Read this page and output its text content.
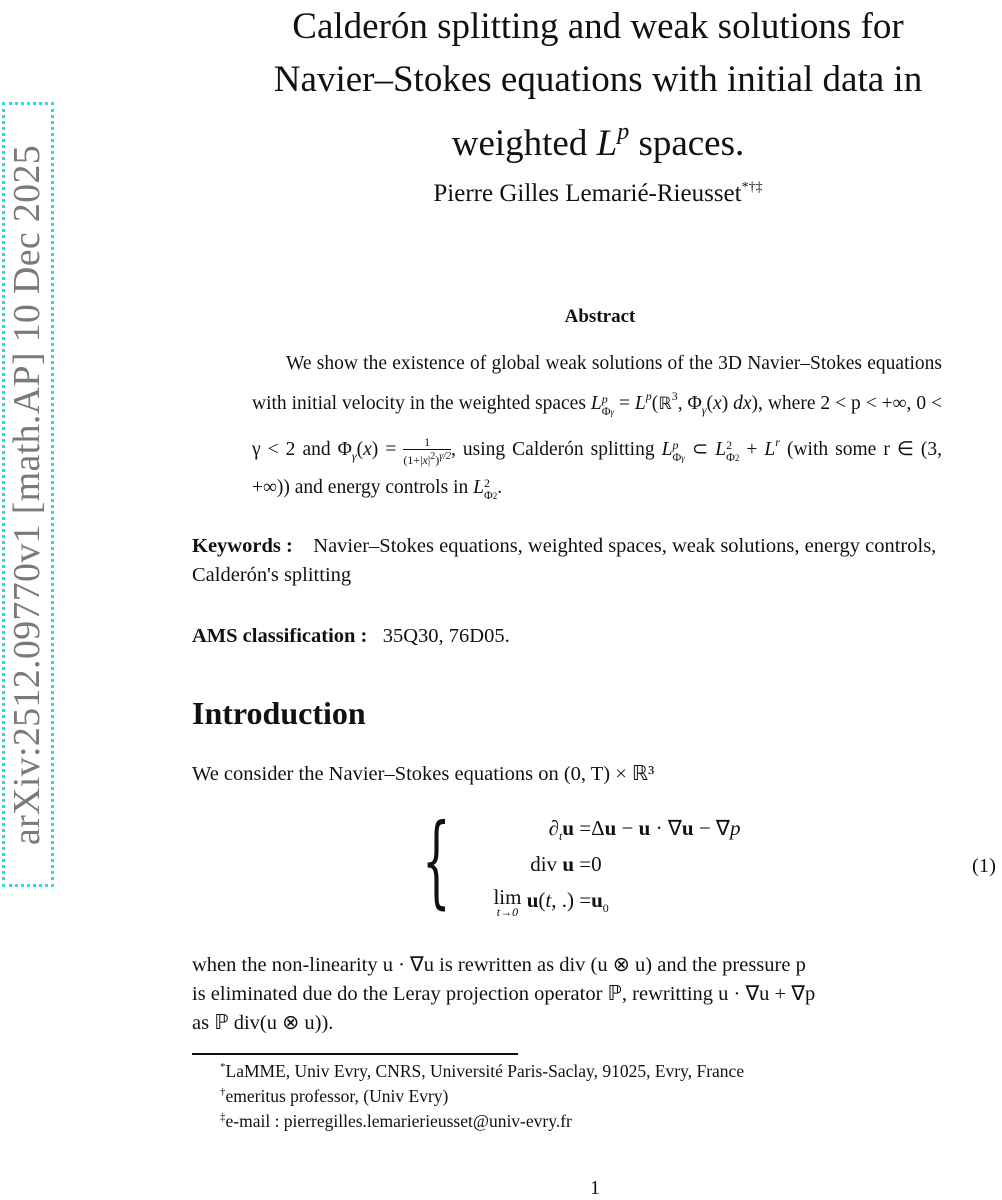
arXiv:2512.09770v1 [math.AP] 10 Dec 2025
Calderón splitting and weak solutions for
Navier–Stokes equations with initial data in
weighted $L^p$ spaces.
Pierre Gilles Lemarié-Rieusset*†‡
Abstract
We show the existence of global weak solutions of the 3D Navier–Stokes equations with initial velocity in the weighted spaces L p
$\Phi\gamma = L^p(ℝ^3$, $\Phi_\gamma(x)$ dx), where 2 < p < +∞, 0 < γ < 2 and $\Phi_\gamma(x) = \frac{1}{(1+|x|^2)^{\gamma/2}}$ , using Calderón splitting L p
Φγ ⊂ L 2
$\Phi 2 + L^r$ (with some r ∈ (3, +∞)) and energy controls in L 2
Φ2.
Keywords : Navier–Stokes equations, weighted spaces, weak solutions, energy controls, Calderón's splitting
AMS classification : 35Q30, 76D05.
Introduction
We consider the Navier–Stokes equations on (0, T) × ℝ³
{	$\partial_tu =\Delta u - u \cdot \nabla u - \nabla p$
div u =0
lim
t→0 u(t, .) $=u_0$
(1)
when the non-linearity u · ∇u is rewritten as div (u ⊗ u) and the pressure p
is eliminated due do the Leray projection operator ℙ, rewritting u · ∇u + ∇p
as ℙ div(u ⊗ u)).
*LaMME, Univ Evry, CNRS, Université Paris-Saclay, 91025, Evry, France
†emeritus professor, (Univ Evry)
‡e-mail : pierregilles.lemarierieusset@univ-evry.fr
1
